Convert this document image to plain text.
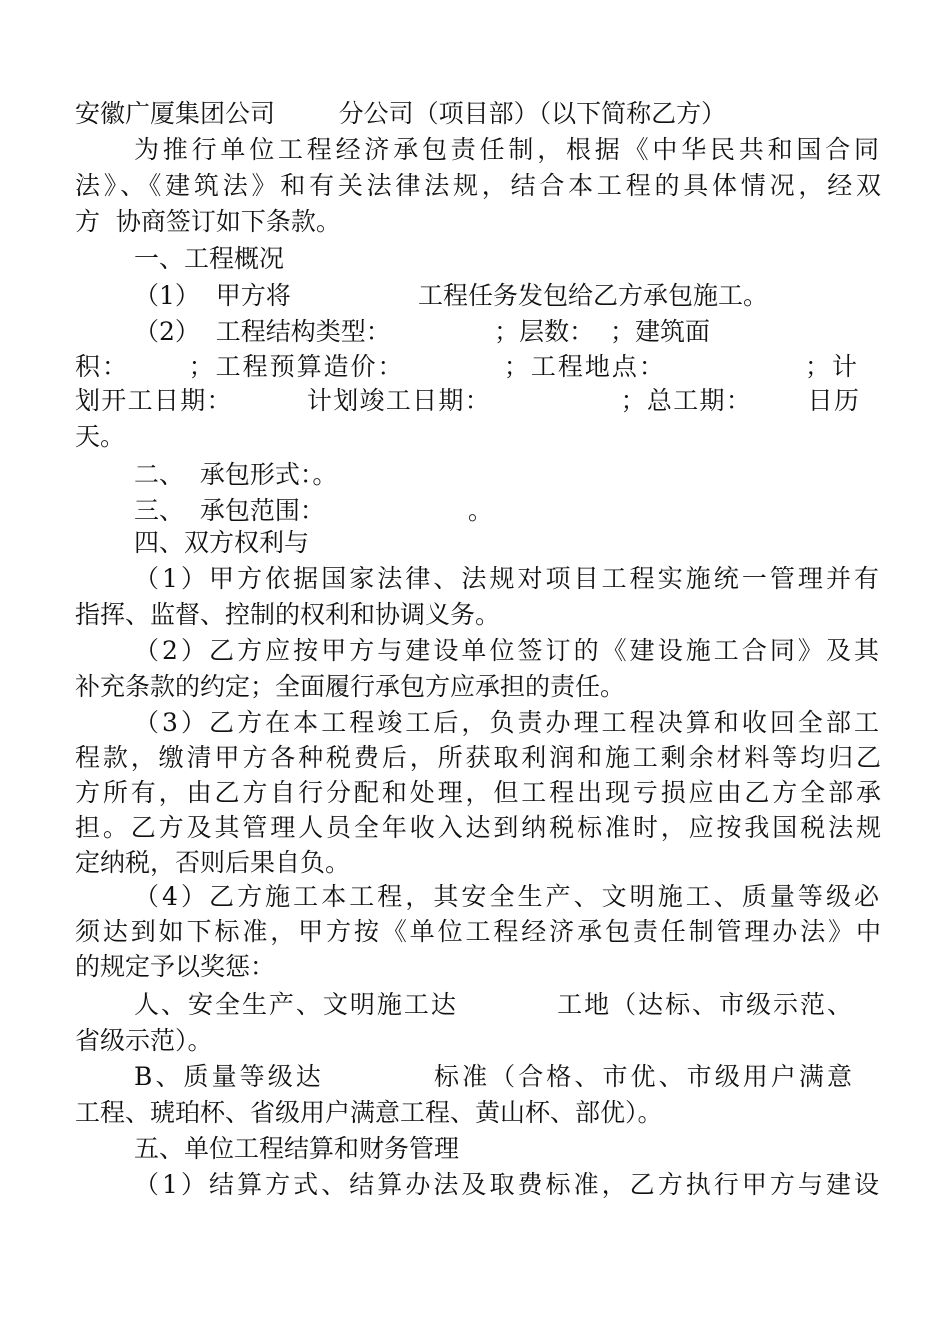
安徽广厦集团公司        分公司（项目部）（以下简称乙方）

为推行单位工程经济承包责任制，根据《中华民共和国合同

法》、《建筑法》和有关法律法规，结合本工程的具体情况，经双

方  协商签订如下条款。

一、工程概况

（1）  甲方将                工程任务发包给乙方承包施工。

（2）  工程结构类型：             ；层数：  ；建筑面

积：      ；工程预算造价：          ；工程地点：              ；计

划开工日期：        计划竣工日期：              ；总工期：      日历

天。

二、  承包形式：。

三、  承包范围：                  。

四、双方权利与

（1）甲方依据国家法律、法规对项目工程实施统一管理并有

指挥、监督、控制的权利和协调义务。

（2）乙方应按甲方与建设单位签订的《建设施工合同》及其

补充条款的约定；全面履行承包方应承担的责任。

（3）乙方在本工程竣工后，负责办理工程决算和收回全部工

程款，缴清甲方各种税费后，所获取利润和施工剩余材料等均归乙

方所有，由乙方自行分配和处理，但工程出现亏损应由乙方全部承

担。乙方及其管理人员全年收入达到纳税标准时，应按我国税法规

定纳税，否则后果自负。

（4）乙方施工本工程，其安全生产、文明施工、质量等级必

须达到如下标准，甲方按《单位工程经济承包责任制管理办法》中

的规定予以奖惩：

人、安全生产、文明施工达          工地（达标、市级示范、

省级示范）。

B、质量等级达          标准（合格、市优、市级用户满意

工程、琥珀杯、省级用户满意工程、黄山杯、部优）。

五、单位工程结算和财务管理

（1）结算方式、结算办法及取费标准，乙方执行甲方与建设
